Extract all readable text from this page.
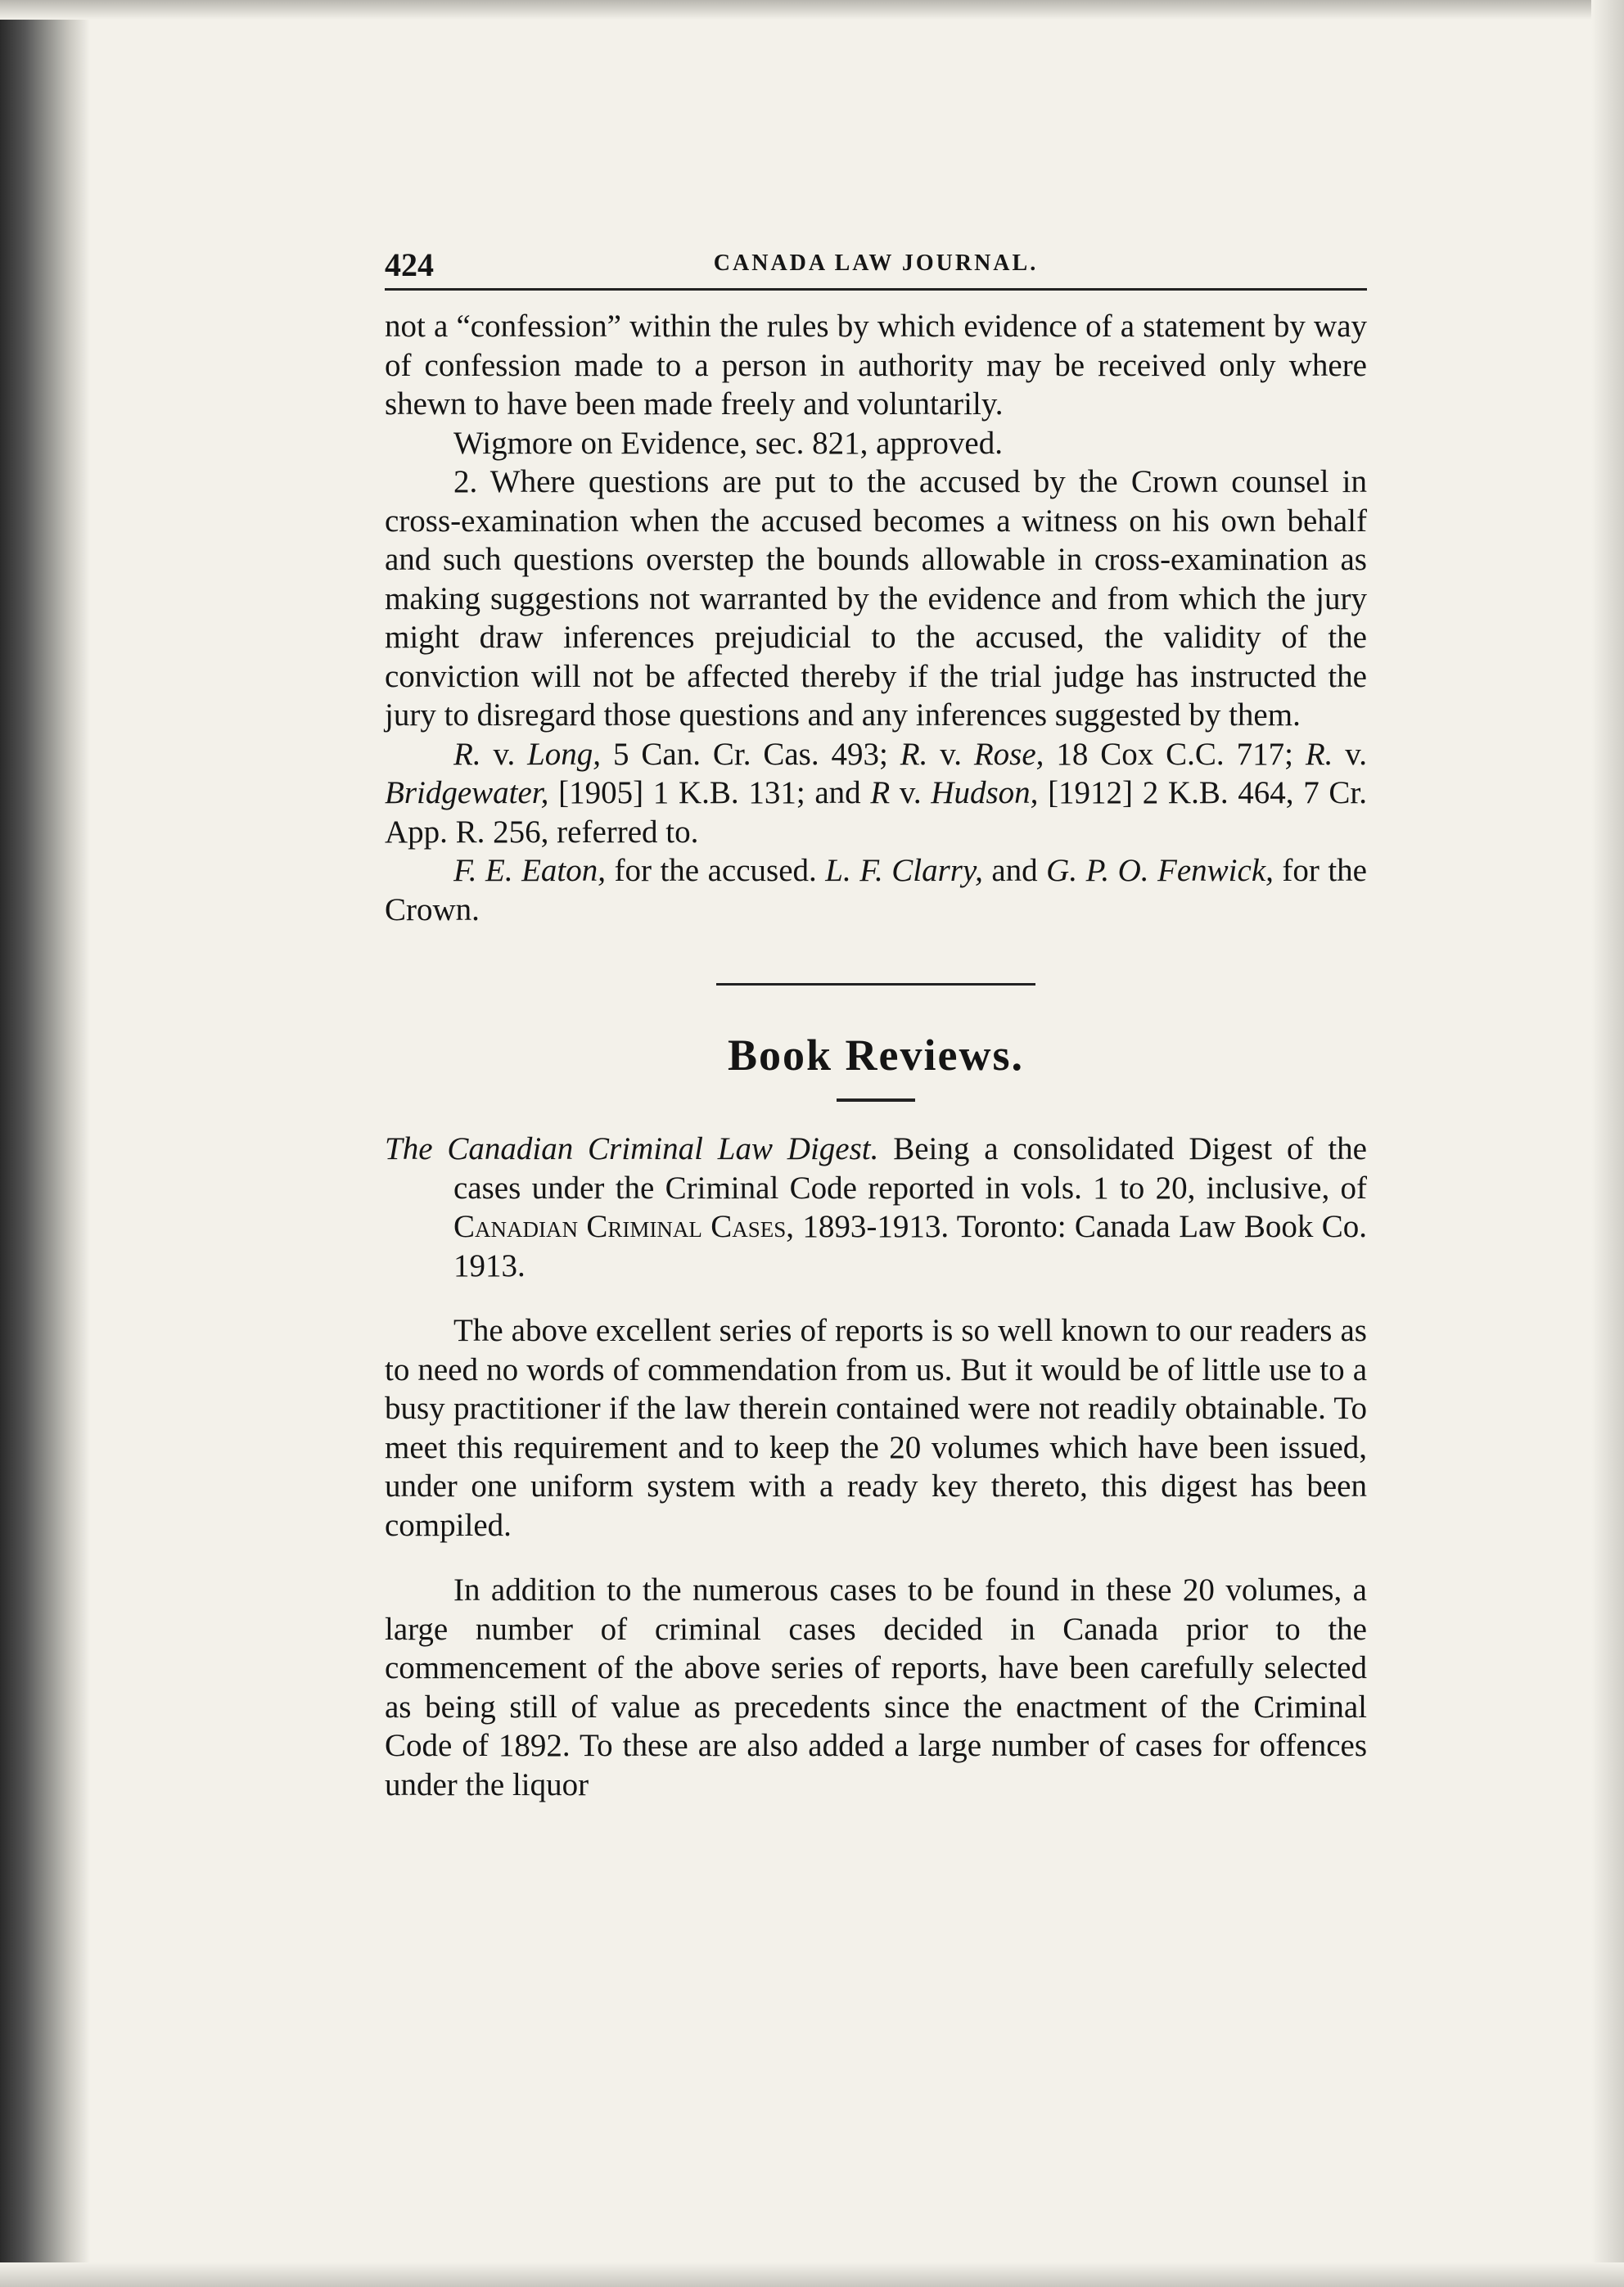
424	CANADA LAW JOURNAL.

not a “confession” within the rules by which evidence of a statement by way of confession made to a person in authority may be received only where shewn to have been made freely and voluntarily.

Wigmore on Evidence, sec. 821, approved.

2. Where questions are put to the accused by the Crown counsel in cross-examination when the accused becomes a witness on his own behalf and such questions overstep the bounds allowable in cross-examination as making suggestions not warranted by the evidence and from which the jury might draw inferences prejudicial to the accused, the validity of the conviction will not be affected thereby if the trial judge has instructed the jury to disregard those questions and any inferences suggested by them.

R. v. Long, 5 Can. Cr. Cas. 493; R. v. Rose, 18 Cox C.C. 717; R. v. Bridgewater, [1905] 1 K.B. 131; and R v. Hudson, [1912] 2 K.B. 464, 7 Cr. App. R. 256, referred to.

F. E. Eaton, for the accused. L. F. Clarry, and G. P. O. Fenwick, for the Crown.

Book Reviews.
The Canadian Criminal Law Digest. Being a consolidated Digest of the cases under the Criminal Code reported in vols. 1 to 20, inclusive, of Canadian Criminal Cases, 1893-1913. Toronto: Canada Law Book Co. 1913.

The above excellent series of reports is so well known to our readers as to need no words of commendation from us. But it would be of little use to a busy practitioner if the law therein contained were not readily obtainable. To meet this requirement and to keep the 20 volumes which have been issued, under one uniform system with a ready key thereto, this digest has been compiled.

In addition to the numerous cases to be found in these 20 volumes, a large number of criminal cases decided in Canada prior to the commencement of the above series of reports, have been carefully selected as being still of value as precedents since the enactment of the Criminal Code of 1892. To these are also added a large number of cases for offences under the liquor
